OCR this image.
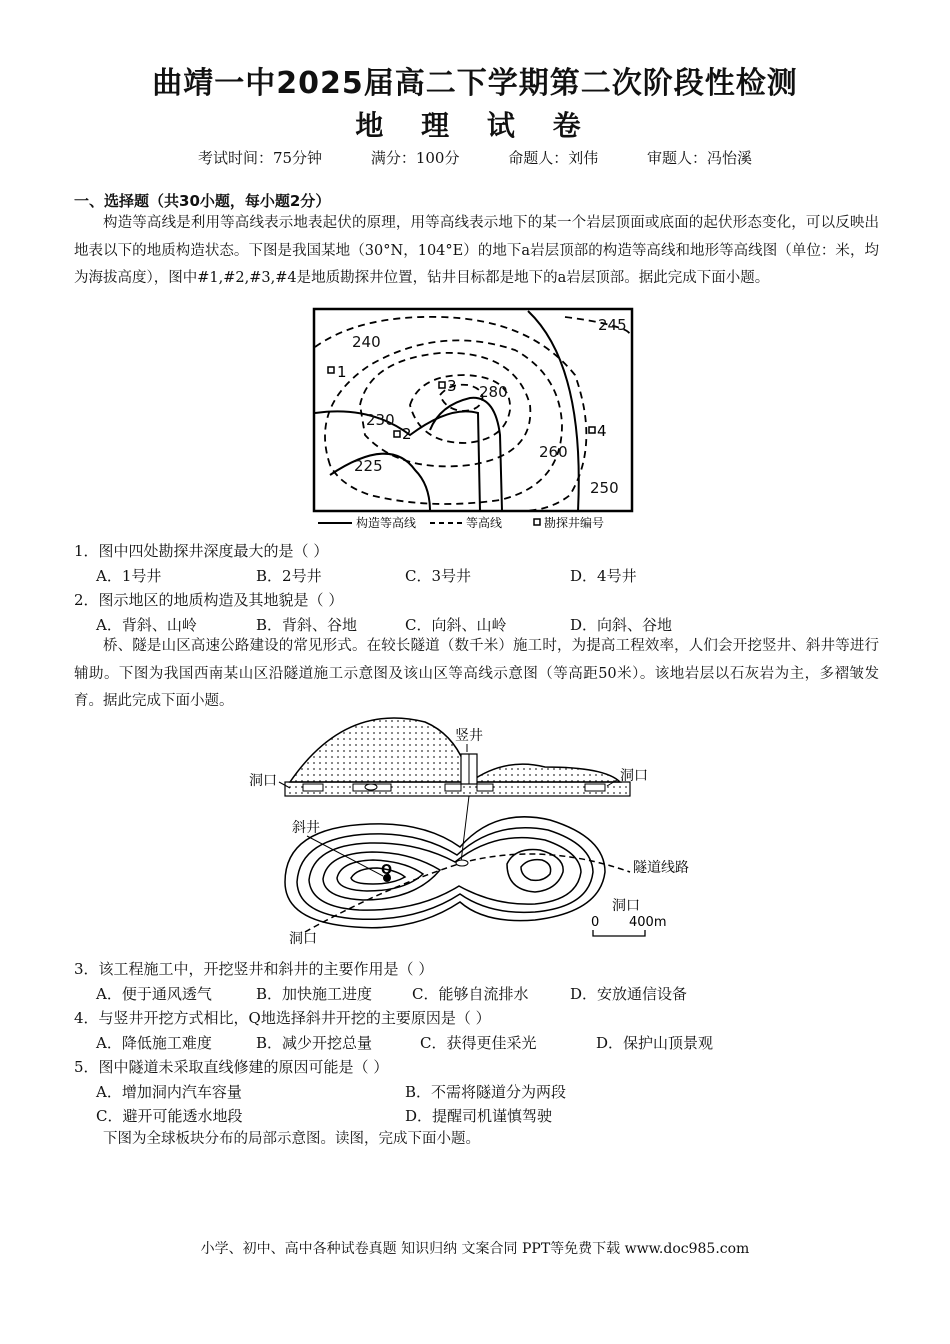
曲靖一中2025届高二下学期第二次阶段性检测
地 理 试 卷
考试时间：75分钟	满分：100分	命题人：刘伟	审题人：冯怡溪
一、选择题（共30小题，每小题2分）
构造等高线是利用等高线表示地表起伏的原理，用等高线表示地下的某一个岩层顶面或底面的起伏形态变化，可以反映出地表以下的地质构造状态。下图是我国某地（30°N，104°E）的地下a岩层顶部的构造等高线和地形等高线图（单位：米，均为海拔高度），图中#1,#2,#3,#4是地质勘探井位置，钻井目标都是地下的a岩层顶部。据此完成下面小题。
240
245
280
230
260
225
250
1
2
3
4
构造等高线	等高线	勘探井编号
1．图中四处勘探井深度最大的是（ ）
A．1号井	B．2号井	C．3号井	D．4号井
2．图示地区的地质构造及其地貌是（ ）
A．背斜、山岭	B．背斜、谷地	C．向斜、山岭	D．向斜、谷地
桥、隧是山区高速公路建设的常见形式。在较长隧道（数千米）施工时，为提高工程效率，人们会开挖竖井、斜井等进行辅助。下图为我国西南某山区沿隧道施工示意图及该山区等高线示意图（等高距50米）。该地岩层以石灰岩为主，多褶皱发育。据此完成下面小题。
竖井
洞口	洞口
Q
斜井
隧道线路
洞口
洞口
0 400m
3．该工程施工中，开挖竖井和斜井的主要作用是（ ）
A．便于通风透气	B．加快施工进度	C．能够自流排水	D．安放通信设备
4．与竖井开挖方式相比，Q地选择斜井开挖的主要原因是（ ）
A．降低施工难度	B．减少开挖总量	C．获得更佳采光	D．保护山顶景观
5．图中隧道未采取直线修建的原因可能是（ ）
A．增加洞内汽车容量	B．不需将隧道分为两段
C．避开可能透水地段	D．提醒司机谨慎驾驶
下图为全球板块分布的局部示意图。读图，完成下面小题。
小学、初中、高中各种试卷真题 知识归纳 文案合同 PPT等免费下载 www.doc985.com
